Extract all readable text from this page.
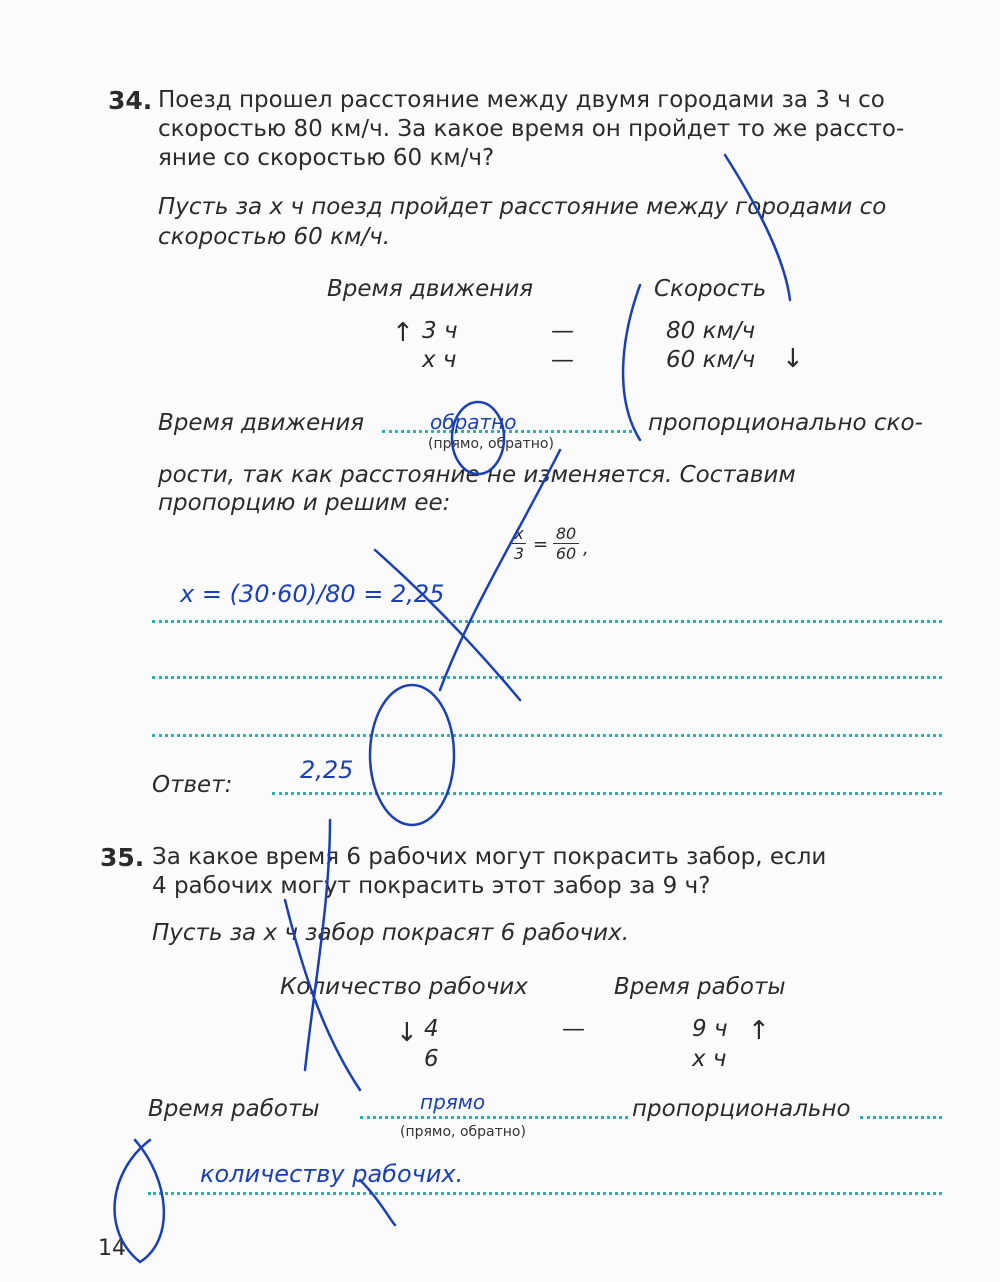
34. Поезд прошел расстояние между двумя городами за 3 ч со
скоростью 80 км/ч. За какое время он пройдет то же рассто-
яние со скоростью 60 км/ч?
Пусть за x ч поезд пройдет расстояние между городами со
скоростью 60 км/ч.
Время движения	Скорость
↑ 3 ч	—	80 км/ч
x ч	—	60 км/ч ↓
Время движения	обратно
(прямо, обратно)
пропорционально ско-
рости, так как расстояние не изменяется. Составим
пропорцию и решим ее:
x
3 =
80
60 ,
x = (30·60)/80 = 2,25
Ответ:
2,25
35. За какое время 6 рабочих могут покрасить забор, если
4 рабочих могут покрасить этот забор за 9 ч?
Пусть за x ч забор покрасят 6 рабочих.
Количество рабочих	Время работы
↓ 4	—	9 ч ↑
6	x ч
Время работы	прямо
(прямо, обратно)
пропорционально
количеству рабочих.
14
